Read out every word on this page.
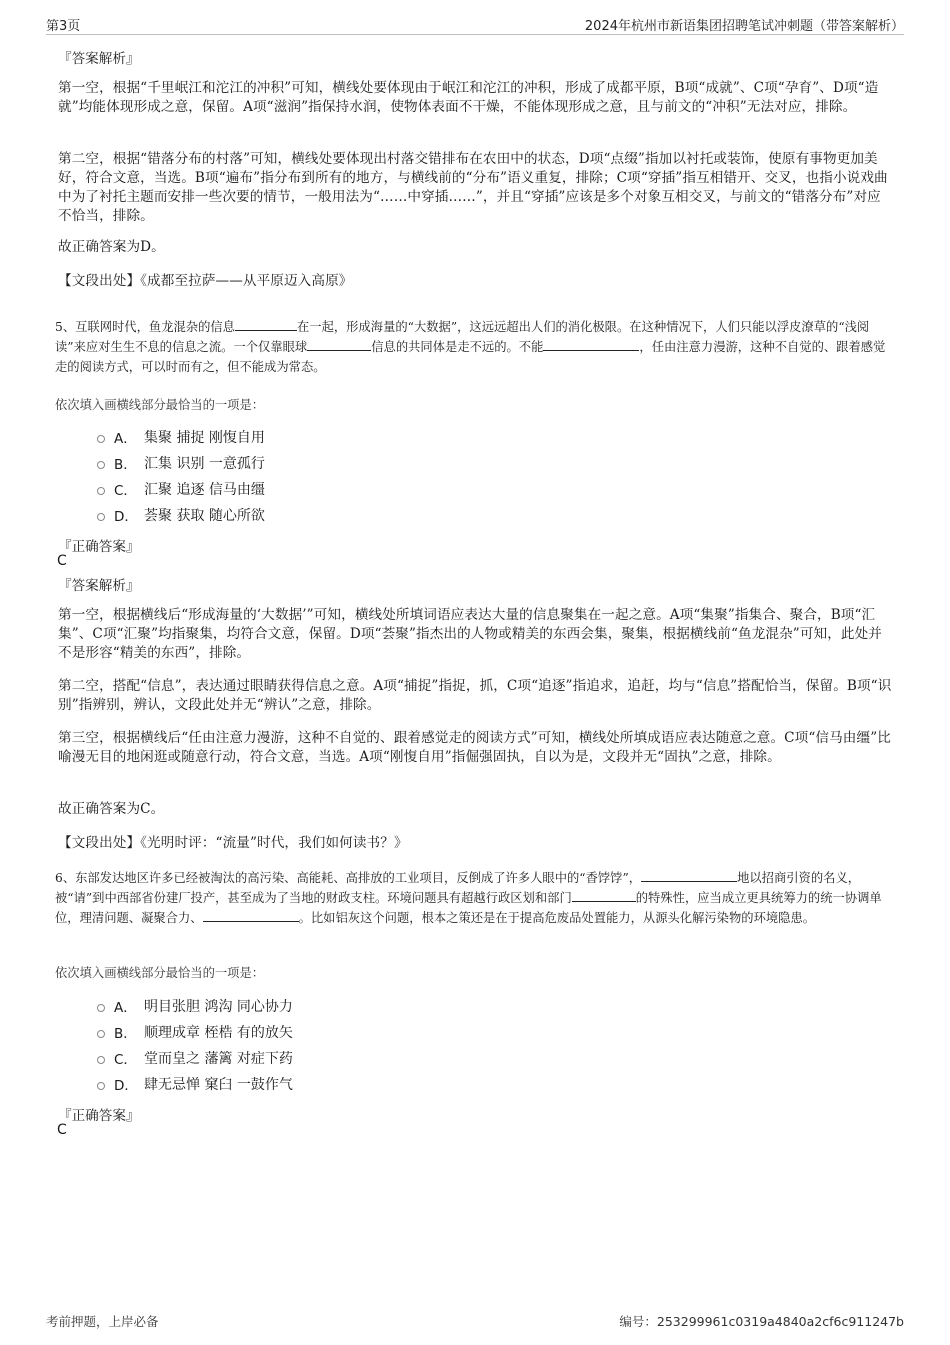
第3页	2024年杭州市新语集团招聘笔试冲刺题（带答案解析）
『答案解析』
第一空，根据“千里岷江和沱江的冲积”可知，横线处要体现由于岷江和沱江的冲积，形成了成都平原，B项“成就”、C项“孕育”、D项“造就”均能体现形成之意，保留。A项“滋润”指保持水润，使物体表面不干燥，不能体现形成之意，且与前文的“冲积”无法对应，排除。
第二空，根据“错落分布的村落”可知，横线处要体现出村落交错排布在农田中的状态，D项“点缀”指加以衬托或装饰，使原有事物更加美好，符合文意，当选。B项“遍布”指分布到所有的地方，与横线前的“分布”语义重复，排除；C项“穿插”指互相错开、交叉，也指小说戏曲中为了衬托主题而安排一些次要的情节，一般用法为“……中穿插……”，并且“穿插”应该是多个对象互相交叉，与前文的“错落分布”对应不恰当，排除。
故正确答案为D。
【文段出处】《成都至拉萨——从平原迈入高原》
5、互联网时代，鱼龙混杂的信息	在一起，形成海量的“大数据”，这远远超出人们的消化极限。在这种情况下，人们只能以浮皮潦草的“浅阅读”来应对生生不息的信息之流。一个仅靠眼球	信息的共同体是走不远的。不能	，任由注意力漫游，这种不自觉的、跟着感觉走的阅读方式，可以时而有之，但不能成为常态。
依次填入画横线部分最恰当的一项是：
A． 集聚 捕捉 刚愎自用
B． 汇集 识别 一意孤行
C． 汇聚 追逐 信马由缰
D． 荟聚 获取 随心所欲
『正确答案』
C
『答案解析』
第一空，根据横线后“形成海量的‘大数据’”可知，横线处所填词语应表达大量的信息聚集在一起之意。A项“集聚”指集合、聚合，B项“汇集”、C项“汇聚”均指聚集，均符合文意，保留。D项“荟聚”指杰出的人物或精美的东西会集，聚集，根据横线前“鱼龙混杂”可知，此处并不是形容“精美的东西”，排除。
第二空，搭配“信息”，表达通过眼睛获得信息之意。A项“捕捉”指捉，抓，C项“追逐”指追求，追赶，均与“信息”搭配恰当，保留。B项“识别”指辨别，辨认，文段此处并无“辨认”之意，排除。
第三空，根据横线后“任由注意力漫游，这种不自觉的、跟着感觉走的阅读方式”可知，横线处所填成语应表达随意之意。C项“信马由缰”比喻漫无目的地闲逛或随意行动，符合文意，当选。A项“刚愎自用”指倔强固执，自以为是，文段并无“固执”之意，排除。
故正确答案为C。
【文段出处】《光明时评：“流量”时代，我们如何读书？》
6、东部发达地区许多已经被淘汰的高污染、高能耗、高排放的工业项目，反倒成了许多人眼中的“香饽饽”，	地以招商引资的名义，被“请”到中西部省份建厂投产，甚至成为了当地的财政支柱。环境问题具有超越行政区划和部门	的特殊性，应当成立更具统筹力的统一协调单位，理清问题、凝聚合力、	。比如铝灰这个问题，根本之策还是在于提高危废品处置能力，从源头化解污染物的环境隐患。
依次填入画横线部分最恰当的一项是：
A． 明目张胆 鸿沟 同心协力
B． 顺理成章 桎梏 有的放矢
C． 堂而皇之 藩篱 对症下药
D． 肆无忌惮 窠臼 一鼓作气
『正确答案』
C
考前押题，上岸必备	编号：253299961c0319a4840a2cf6c911247b
